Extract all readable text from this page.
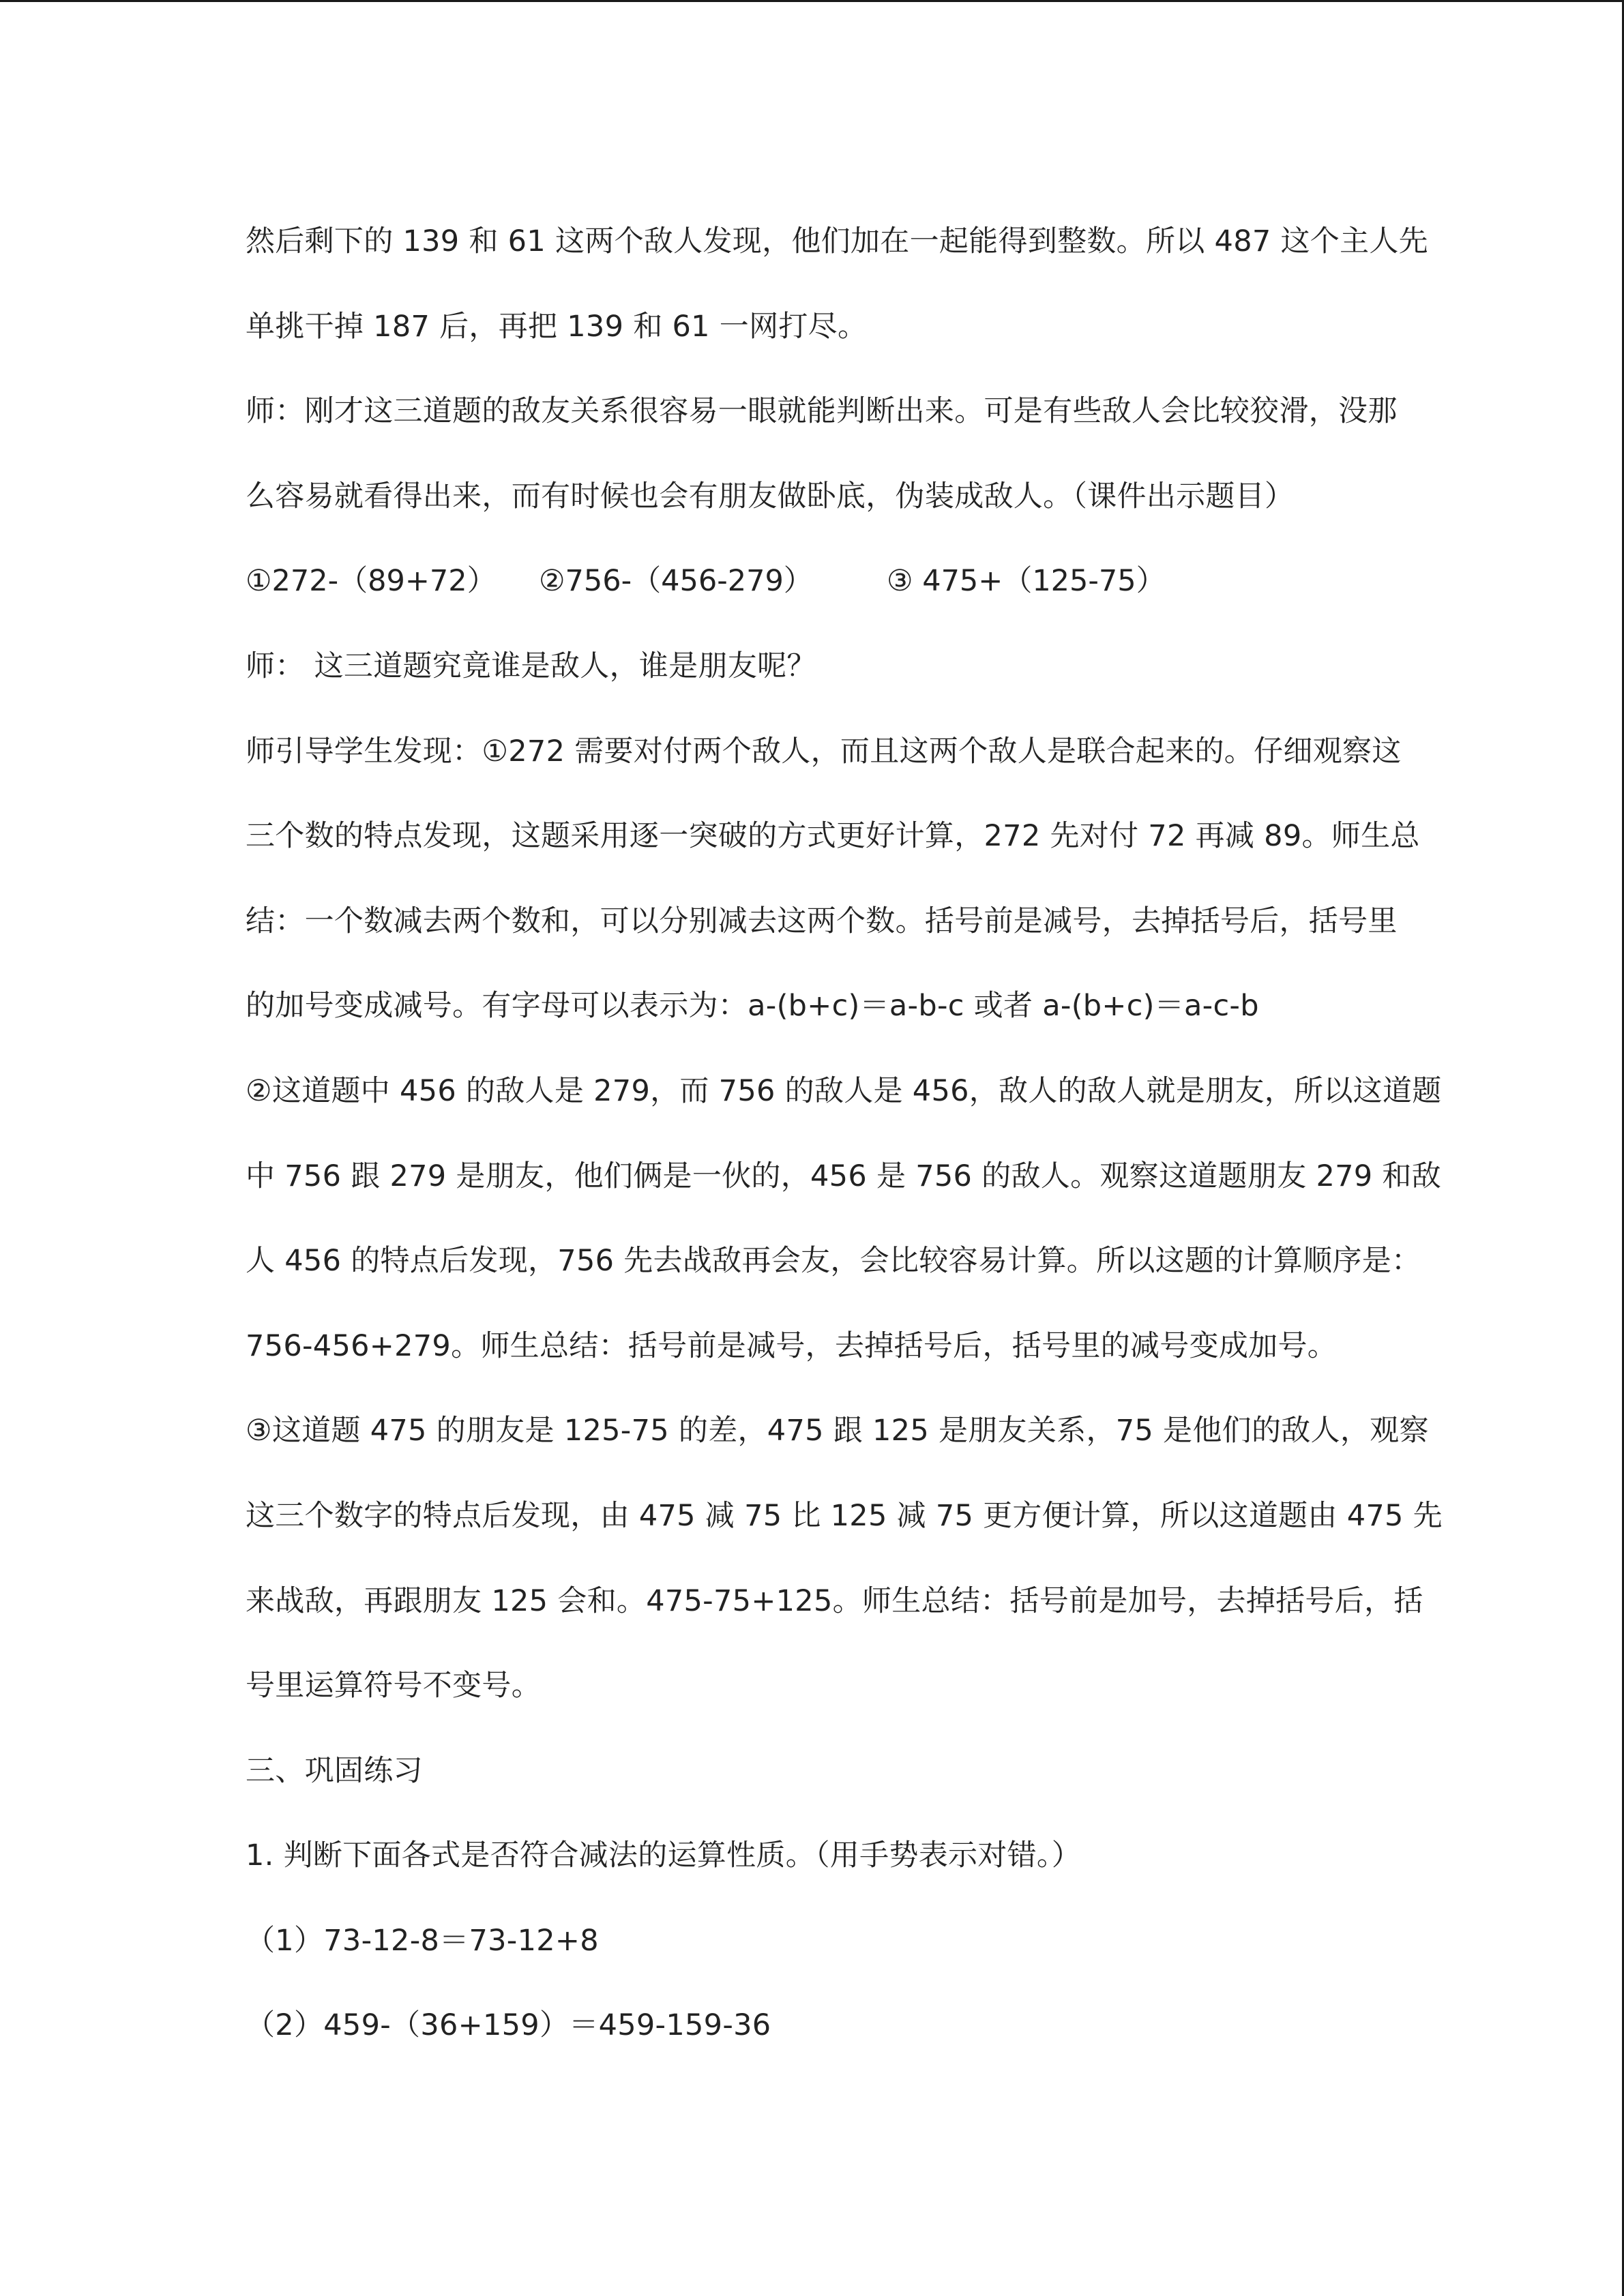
然后剩下的 139 和 61 这两个敌人发现，他们加在一起能得到整数。所以 487 这个主人先
单挑干掉 187 后，再把 139 和 61 一网打尽。
师：刚才这三道题的敌友关系很容易一眼就能判断出来。可是有些敌人会比较狡滑，没那
么容易就看得出来，而有时候也会有朋友做卧底，伪装成敌人。（课件出示题目）
①272-（89+72） ②756-（456-279）	③ 475+（125-75）
师： 这三道题究竟谁是敌人，谁是朋友呢？
师引导学生发现：①272 需要对付两个敌人，而且这两个敌人是联合起来的。仔细观察这
三个数的特点发现，这题采用逐一突破的方式更好计算，272 先对付 72 再减 89。师生总
结：一个数减去两个数和，可以分别减去这两个数。括号前是减号，去掉括号后，括号里
的加号变成减号。有字母可以表示为：a-(b+c)＝a-b-c 或者 a-(b+c)＝a-c-b
②这道题中 456 的敌人是 279，而 756 的敌人是 456，敌人的敌人就是朋友，所以这道题
中 756 跟 279 是朋友，他们俩是一伙的，456 是 756 的敌人。观察这道题朋友 279 和敌
人 456 的特点后发现，756 先去战敌再会友，会比较容易计算。所以这题的计算顺序是：
756-456+279。师生总结：括号前是减号，去掉括号后，括号里的减号变成加号。
③这道题 475 的朋友是 125-75 的差，475 跟 125 是朋友关系，75 是他们的敌人，观察
这三个数字的特点后发现，由 475 减 75 比 125 减 75 更方便计算，所以这道题由 475 先
来战敌，再跟朋友 125 会和。475-75+125。师生总结：括号前是加号，去掉括号后，括
号里运算符号不变号。
三、巩固练习
1. 判断下面各式是否符合减法的运算性质。（用手势表示对错。）
（1）73-12-8＝73-12+8
（2）459-（36+159）＝459-159-36
